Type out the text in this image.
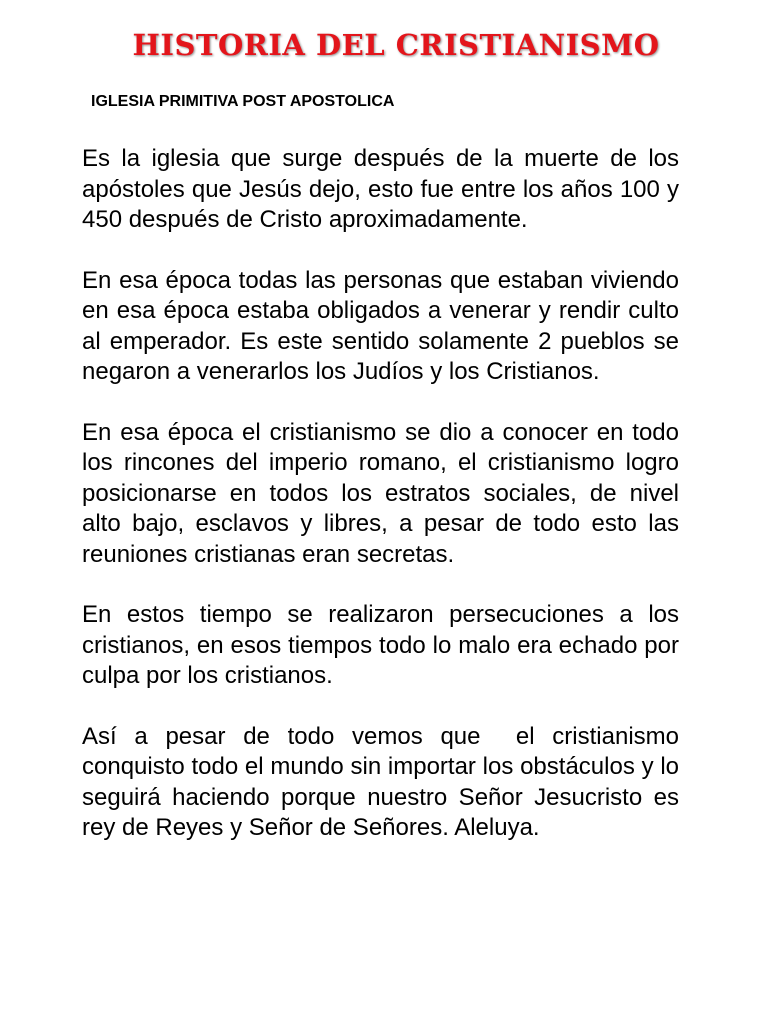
HISTORIA DEL CRISTIANISMO
IGLESIA PRIMITIVA POST APOSTOLICA

Es la iglesia que surge después de la muerte de los apóstoles que Jesús dejo, esto fue entre los años 100 y 450 después de Cristo aproximadamente.

En esa época todas las personas que estaban viviendo en esa época estaba obligados a venerar y rendir culto al emperador. Es este sentido solamente 2 pueblos se negaron a venerarlos los Judíos y los Cristianos.

En esa época el cristianismo se dio a conocer en todo los rincones del imperio romano, el cristianismo logro posicionarse en todos los estratos sociales, de nivel alto bajo, esclavos y libres, a pesar de todo esto las reuniones cristianas eran secretas.

En estos tiempo se realizaron persecuciones a los cristianos, en esos tiempos todo lo malo era echado por culpa por los cristianos.

Así a pesar de todo vemos que  el cristianismo conquisto todo el mundo sin importar los obstáculos y lo seguirá haciendo porque nuestro Señor Jesucristo es rey de Reyes y Señor de Señores. Aleluya.
